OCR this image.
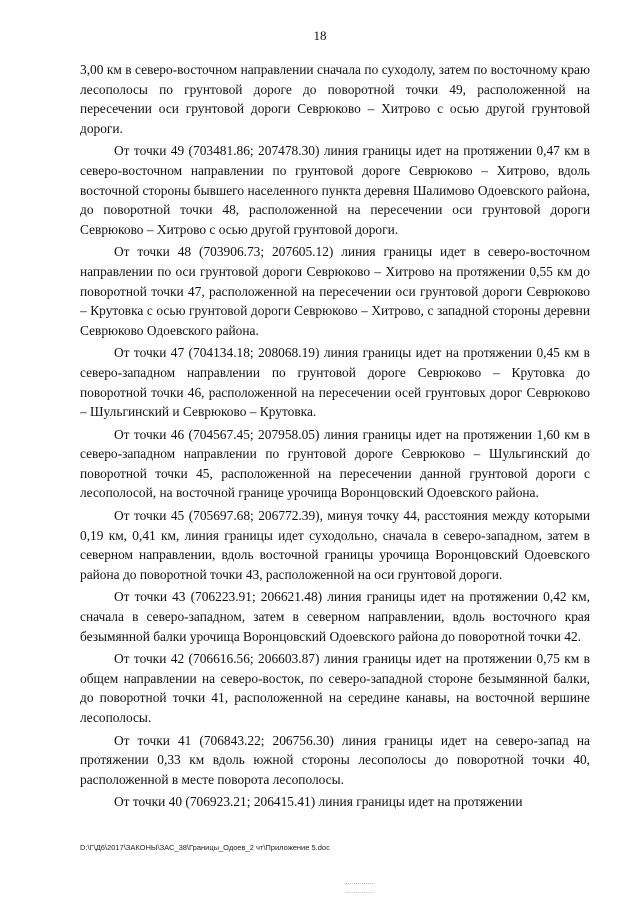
18

3,00 км в северо-восточном направлении сначала по суходолу, затем по восточному краю лесополосы по грунтовой дороге до поворотной точки 49, расположенной на пересечении оси грунтовой дороги Севрюково – Хитрово с осью другой грунтовой дороги.

От точки 49 (703481.86; 207478.30) линия границы идет на протяжении 0,47 км в северо-восточном направлении по грунтовой дороге Севрюково – Хитрово, вдоль восточной стороны бывшего населенного пункта деревня Шалимово Одоевского района, до поворотной точки 48, расположенной на пересечении оси грунтовой дороги Севрюково – Хитрово с осью другой грунтовой дороги.

От точки 48 (703906.73; 207605.12) линия границы идет в северо-восточном направлении по оси грунтовой дороги Севрюково – Хитрово на протяжении 0,55 км до поворотной точки 47, расположенной на пересечении оси грунтовой дороги Севрюково – Крутовка с осью грунтовой дороги Севрюково – Хитрово, с западной стороны деревни Севрюково Одоевского района.

От точки 47 (704134.18; 208068.19) линия границы идет на протяжении 0,45 км в северо-западном направлении по грунтовой дороге Севрюково – Крутовка до поворотной точки 46, расположенной на пересечении осей грунтовых дорог Севрюково – Шульгинский и Севрюково – Крутовка.

От точки 46 (704567.45; 207958.05) линия границы идет на протяжении 1,60 км в северо-западном направлении по грунтовой дороге Севрюково – Шульгинский до поворотной точки 45, расположенной на пересечении данной грунтовой дороги с лесополосой, на восточной границе урочища Воронцовский Одоевского района.

От точки 45 (705697.68; 206772.39), минуя точку 44, расстояния между которыми 0,19 км, 0,41 км, линия границы идет суходольно, сначала в северо-западном, затем в северном направлении, вдоль восточной границы урочища Воронцовский Одоевского района до поворотной точки 43, расположенной на оси грунтовой дороги.

От точки 43 (706223.91; 206621.48) линия границы идет на протяжении 0,42 км, сначала в северо-западном, затем в северном направлении, вдоль восточного края безымянной балки урочища Воронцовский Одоевского района до поворотной точки 42.

От точки 42 (706616.56; 206603.87) линия границы идет на протяжении 0,75 км в общем направлении на северо-восток, по северо-западной стороне безымянной балки, до поворотной точки 41, расположенной на середине канавы, на восточной вершине лесополосы.

От точки 41 (706843.22; 206756.30) линия границы идет на северо-запад на протяжении 0,33 км вдоль южной стороны лесополосы до поворотной точки 40, расположенной в месте поворота лесополосы.

От точки 40 (706923.21; 206415.41) линия границы идет на протяжении

D:\Г\Д6\2017\ЗАКОНЫ\ЗАС_38\Границы_Одоев_2 чт\Приложение 5.doc
